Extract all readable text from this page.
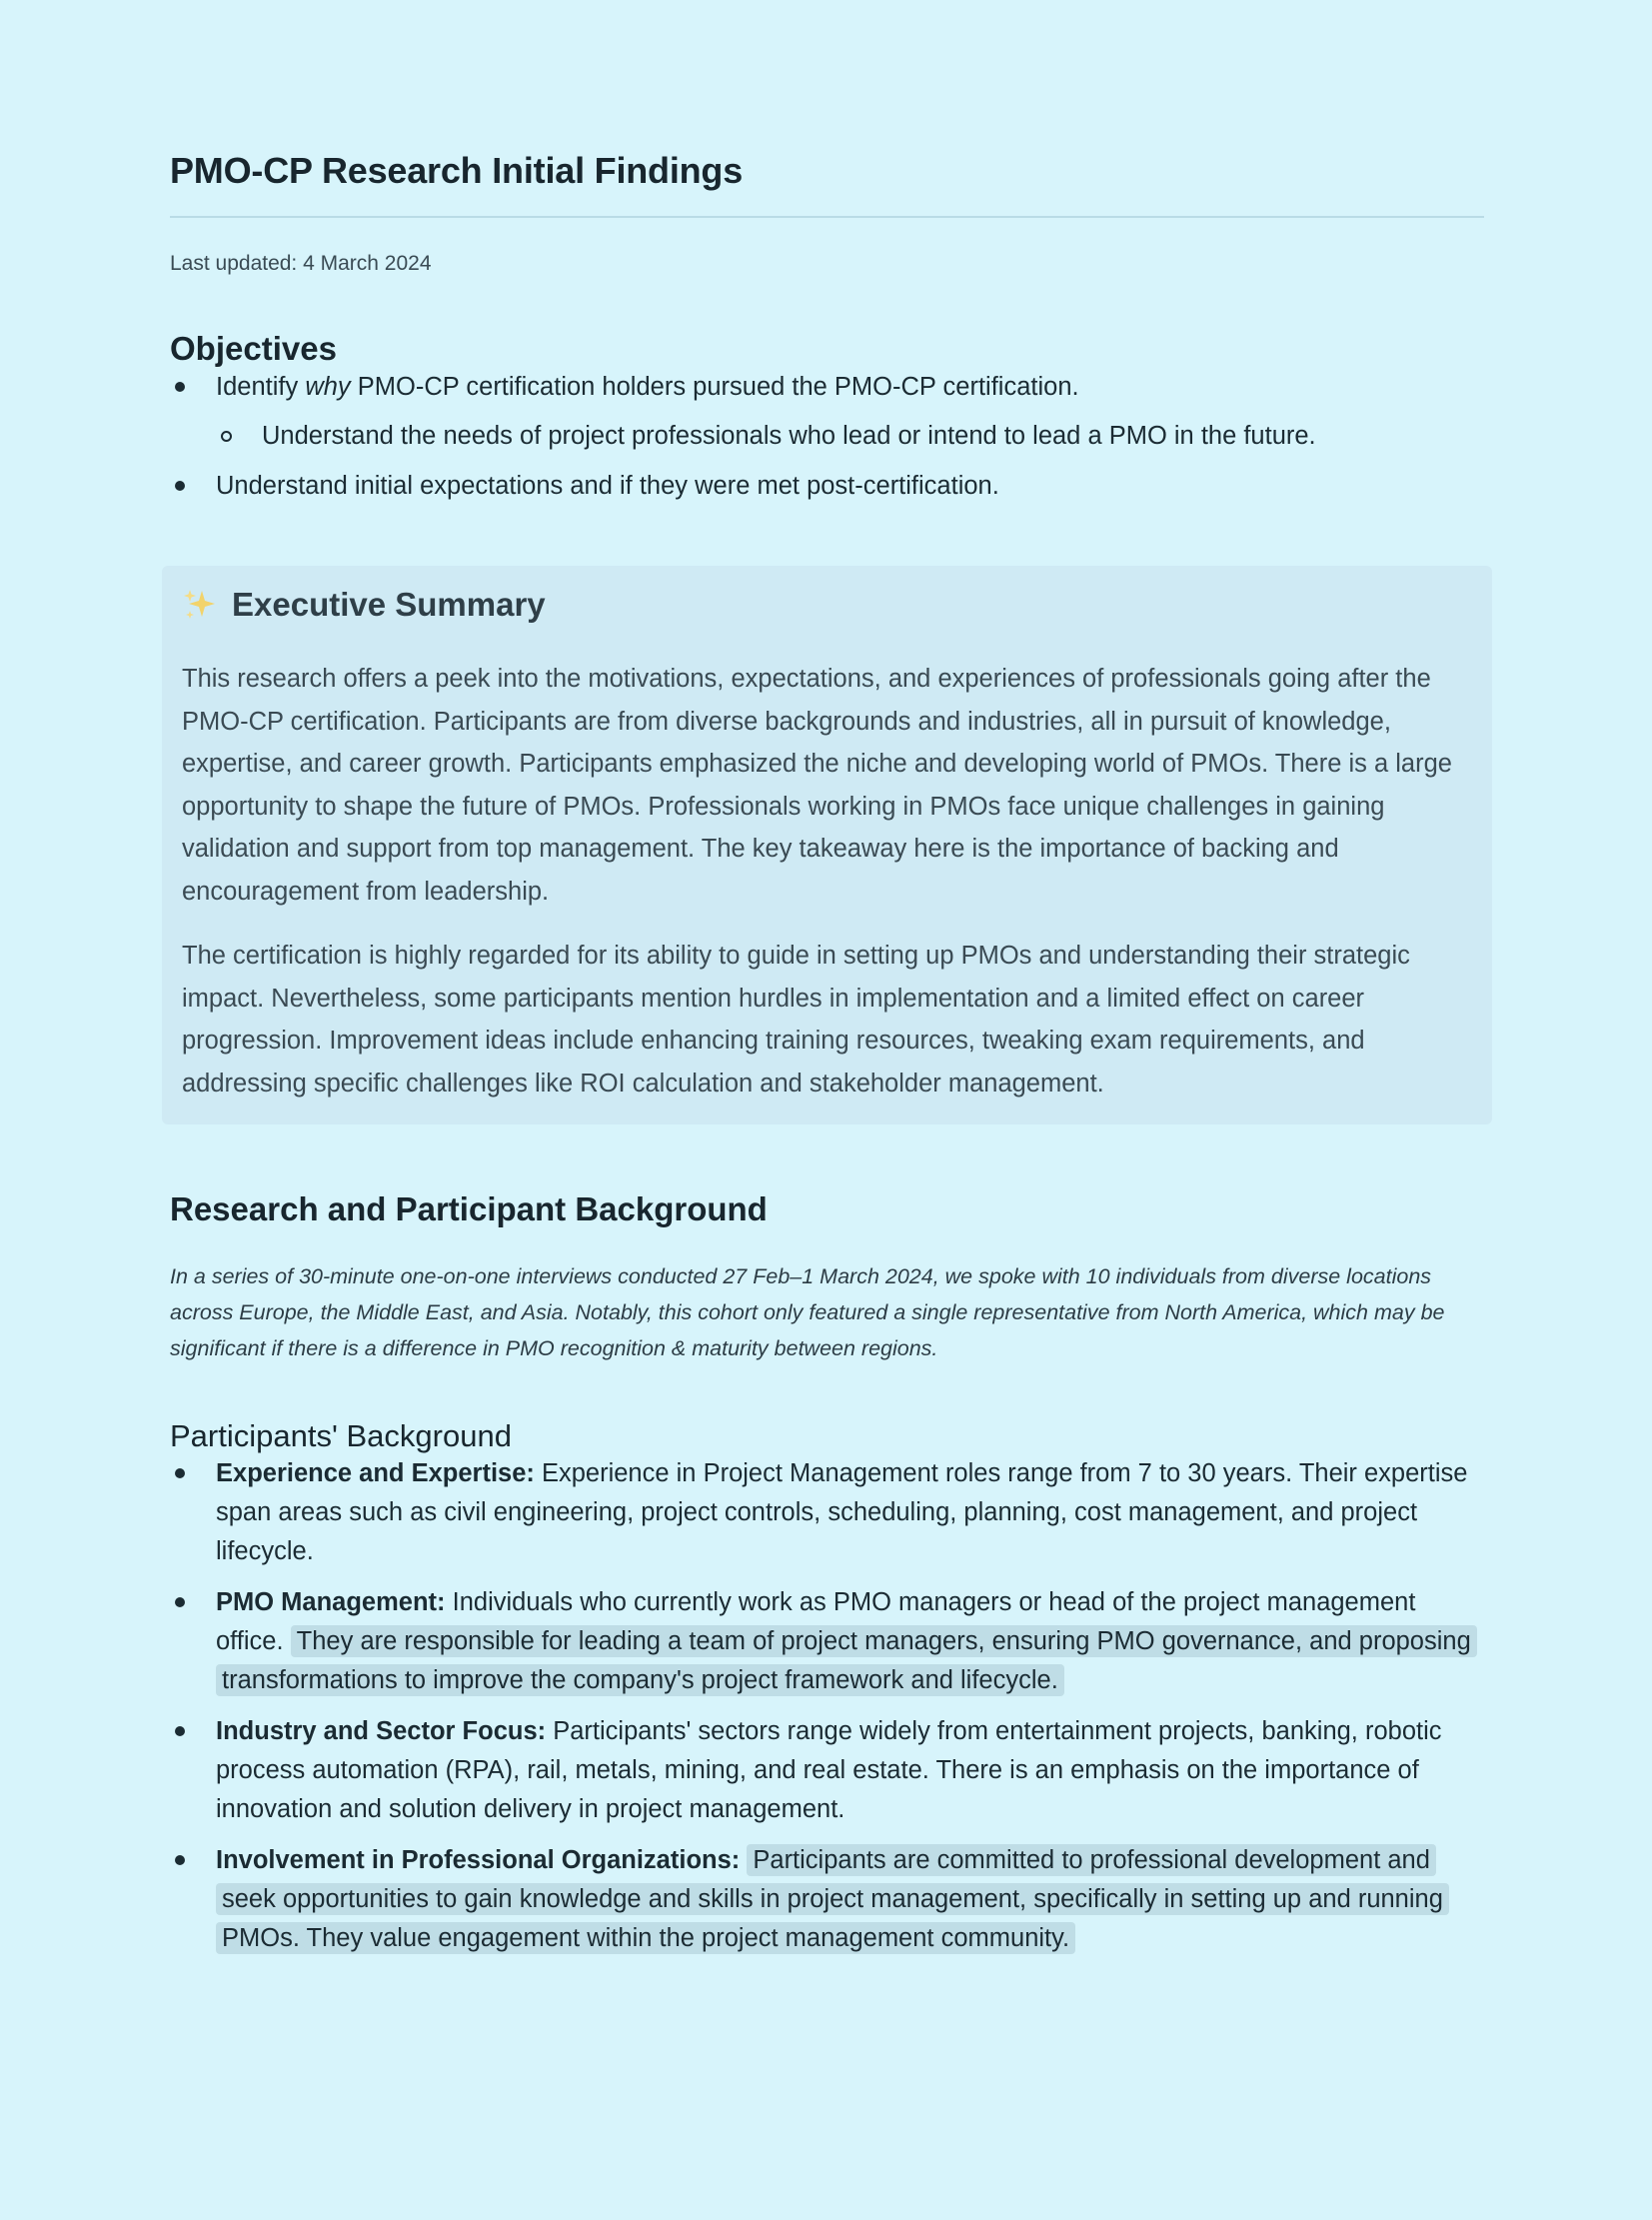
PMO-CP Research Initial Findings
Last updated: 4 March 2024
Objectives
Identify why PMO-CP certification holders pursued the PMO-CP certification.
Understand the needs of project professionals who lead or intend to lead a PMO in the future.
Understand initial expectations and if they were met post-certification.
Executive Summary

This research offers a peek into the motivations, expectations, and experiences of professionals going after the PMO-CP certification. Participants are from diverse backgrounds and industries, all in pursuit of knowledge, expertise, and career growth. Participants emphasized the niche and developing world of PMOs. There is a large opportunity to shape the future of PMOs. Professionals working in PMOs face unique challenges in gaining validation and support from top management. The key takeaway here is the importance of backing and encouragement from leadership.

The certification is highly regarded for its ability to guide in setting up PMOs and understanding their strategic impact. Nevertheless, some participants mention hurdles in implementation and a limited effect on career progression. Improvement ideas include enhancing training resources, tweaking exam requirements, and addressing specific challenges like ROI calculation and stakeholder management.

Research and Participant Background
In a series of 30-minute one-on-one interviews conducted 27 Feb–1 March 2024, we spoke with 10 individuals from diverse locations across Europe, the Middle East, and Asia. Notably, this cohort only featured a single representative from North America, which may be significant if there is a difference in PMO recognition & maturity between regions.
Participants' Background
Experience and Expertise: Experience in Project Management roles range from 7 to 30 years. Their expertise span areas such as civil engineering, project controls, scheduling, planning, cost management, and project lifecycle.
PMO Management: Individuals who currently work as PMO managers or head of the project management office. They are responsible for leading a team of project managers, ensuring PMO governance, and proposing transformations to improve the company's project framework and lifecycle.
Industry and Sector Focus: Participants' sectors range widely from entertainment projects, banking, robotic process automation (RPA), rail, metals, mining, and real estate. There is an emphasis on the importance of innovation and solution delivery in project management.
Involvement in Professional Organizations: Participants are committed to professional development and seek opportunities to gain knowledge and skills in project management, specifically in setting up and running PMOs. They value engagement within the project management community.
